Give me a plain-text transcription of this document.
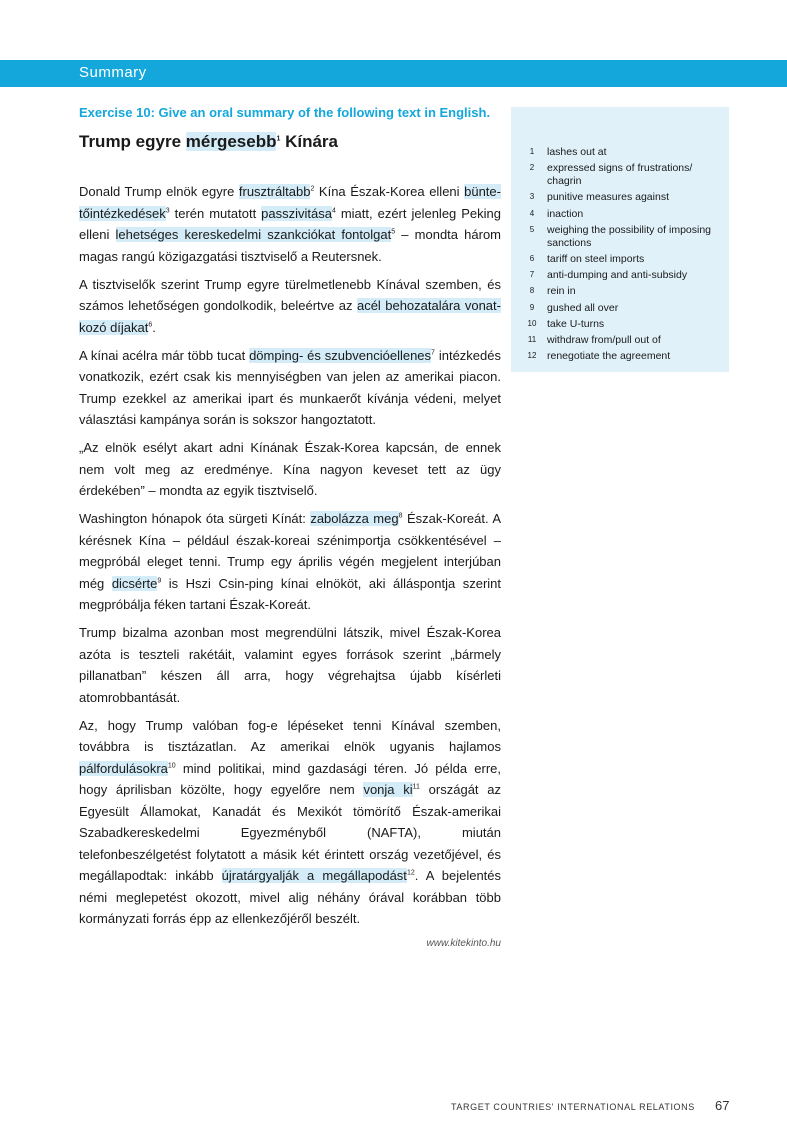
Summary

Exercise 10: Give an oral summary of the following text in English.

Trump egyre mérgesebb$^1$ Kínára

Donald Trump elnök egyre frusztráltabb$^2$ Kína Észak-Korea elleni büntetőintézkedések$^3$ terén mutatott passzivitása$^4$ miatt, ezért jelenleg Peking elleni lehetséges kereskedelmi szankciókat fontolgat$^5$ – mondta három magas rangú közigazgatási tisztviselő a Reutersnek.

A tisztviselők szerint Trump egyre türelmetlenebb Kínával szemben, és számos lehetőségen gondolkodik, beleértve az acél behozatalára vonatkozó díjakat$^6$.

A kínai acélra már több tucat dömping- és szubvencióellenes$^7$ intézkedés vonatkozik, ezért csak kis mennyiségben van jelen az amerikai piacon. Trump ezekkel az amerikai ipart és munkaerőt kívánja védeni, melyet választási kampánya során is sokszor hangoztatott.

„Az elnök esélyt akart adni Kínának Észak-Korea kapcsán, de ennek nem volt meg az eredménye. Kína nagyon keveset tett az ügy érdekében” – mondta az egyik tisztviselő.

Washington hónapok óta sürgeti Kínát: zabolázza meg$^8$ Észak-Koreát. A kérésnek Kína – például észak-koreai szénimportja csökkentésével – megpróbál eleget tenni. Trump egy április végén megjelent interjúban még dicsérte$^9$ is Hszi Csin-ping kínai elnököt, aki álláspontja szerint megpróbálja féken tartani Észak-Koreát.

Trump bizalma azonban most megrendülni látszik, mivel Észak-Korea azóta is teszteli rakétáit, valamint egyes források szerint „bármely pillanatban” készen áll arra, hogy végrehajtsa újabb kísérleti atomrobbantását.

Az, hogy Trump valóban fog-e lépéseket tenni Kínával szemben, továbbra is tisztázatlan. Az amerikai elnök ugyanis hajlamos pálfordulásokra$^{10}$ mind politikai, mind gazdasági téren. Jó példa erre, hogy áprilisban közölte, hogy egyelőre nem vonja $ki^{11}$ országát az Egyesült Államokat, Kanadát és Mexikót tömörítő Észak-amerikai Szabadkereskedelmi Egyezményből (NAFTA), miután telefonbeszélgetést folytatott a másik két érintett ország vezetőjével, és megállapodtak: inkább újratárgyalják a megállapodást$^{12}$. A bejelentés némi meglepetést okozott, mivel alig néhány órával korábban több kormányzati forrás épp az ellenkezőjéről beszélt.

www.kitekinto.hu
1	lashes out at
2	expressed signs of frustrations/ chagrin
3	punitive measures against
4	inaction
5	weighing the possibility of imposing sanctions
6	tariff on steel imports
7	anti-dumping and anti-subsidy
8	rein in
9	gushed all over
10	take U-turns
11	withdraw from/pull out of
12	renegotiate the agreement
TARGET COUNTRIES' INTERNATIONAL RELATIONS 67
